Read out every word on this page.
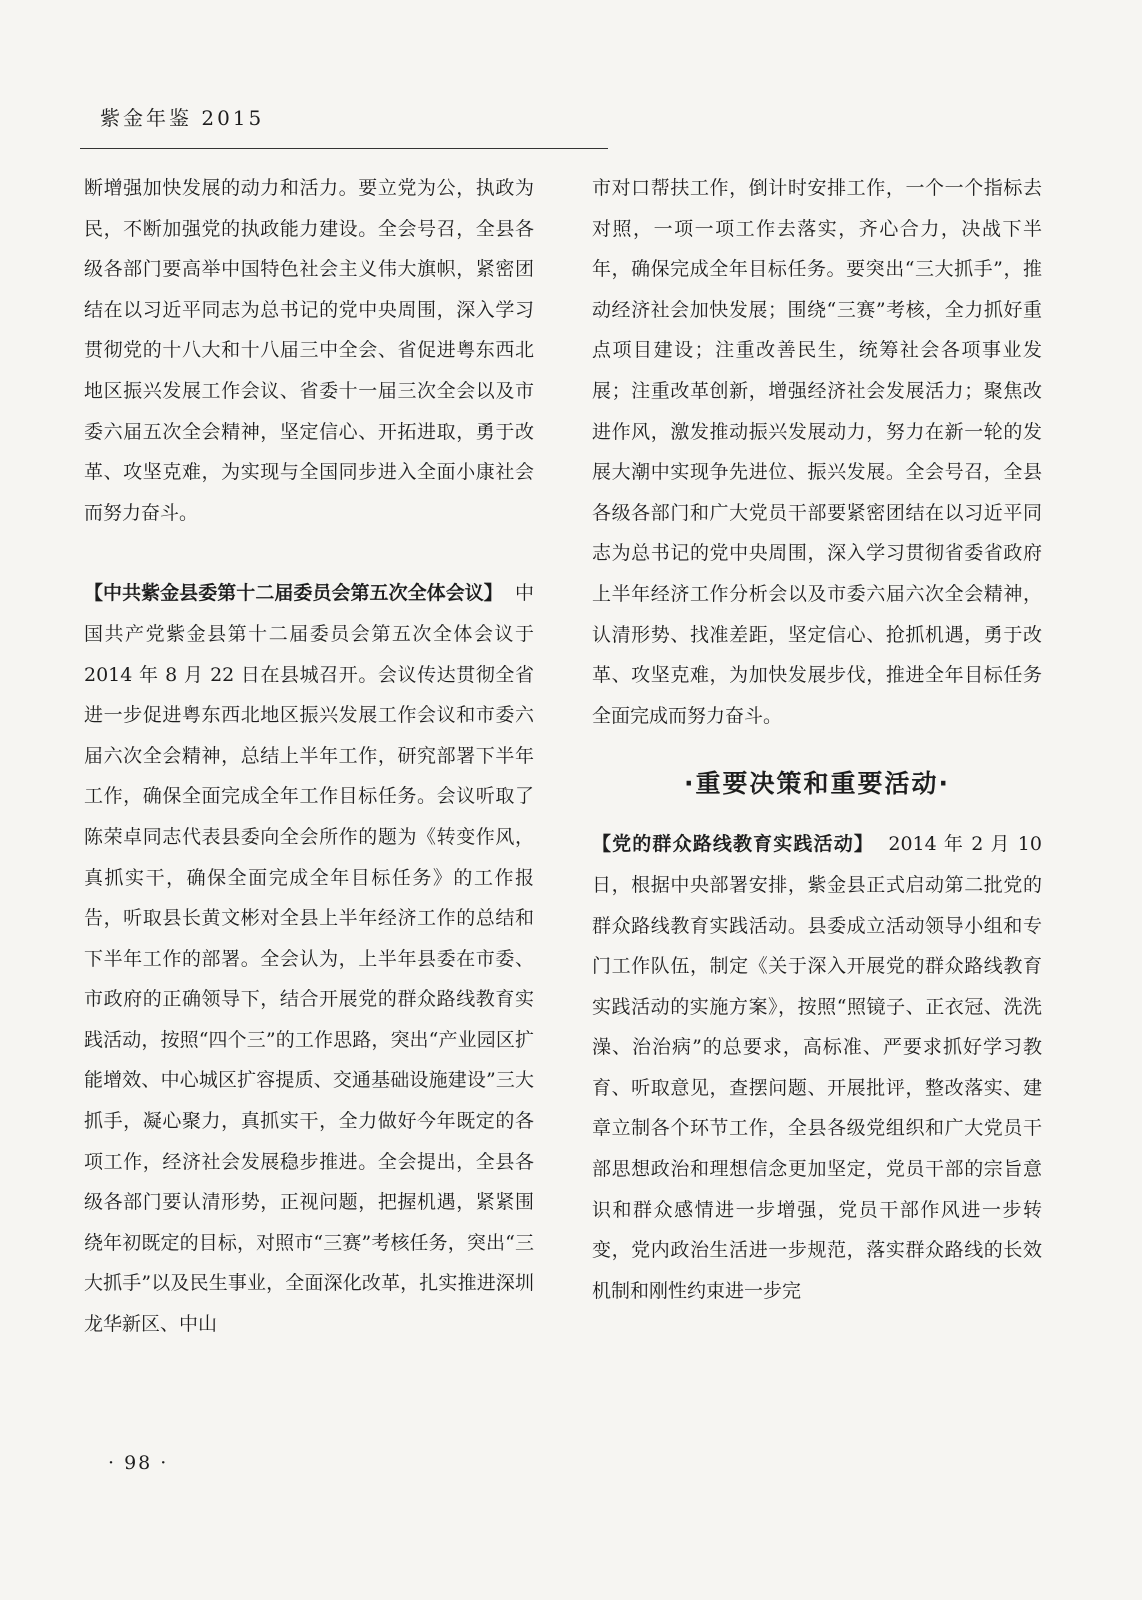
紫金年鉴 2015

断增强加快发展的动力和活力。要立党为公，执政为民，不断加强党的执政能力建设。全会号召，全县各级各部门要高举中国特色社会主义伟大旗帜，紧密团结在以习近平同志为总书记的党中央周围，深入学习贯彻党的十八大和十八届三中全会、省促进粤东西北地区振兴发展工作会议、省委十一届三次全会以及市委六届五次全会精神，坚定信心、开拓进取，勇于改革、攻坚克难，为实现与全国同步进入全面小康社会而努力奋斗。

【中共紫金县委第十二届委员会第五次全体会议】 中国共产党紫金县第十二届委员会第五次全体会议于 2014 年 8 月 22 日在县城召开。会议传达贯彻全省进一步促进粤东西北地区振兴发展工作会议和市委六届六次全会精神，总结上半年工作，研究部署下半年工作，确保全面完成全年工作目标任务。会议听取了陈荣卓同志代表县委向全会所作的题为《转变作风，真抓实干，确保全面完成全年目标任务》的工作报告，听取县长黄文彬对全县上半年经济工作的总结和下半年工作的部署。全会认为，上半年县委在市委、市政府的正确领导下，结合开展党的群众路线教育实践活动，按照“四个三”的工作思路，突出“产业园区扩能增效、中心城区扩容提质、交通基础设施建设”三大抓手，凝心聚力，真抓实干，全力做好今年既定的各项工作，经济社会发展稳步推进。全会提出，全县各级各部门要认清形势，正视问题，把握机遇，紧紧围绕年初既定的目标，对照市“三赛”考核任务，突出“三大抓手”以及民生事业，全面深化改革，扎实推进深圳龙华新区、中山

市对口帮扶工作，倒计时安排工作，一个一个指标去对照，一项一项工作去落实，齐心合力，决战下半年，确保完成全年目标任务。要突出“三大抓手”，推动经济社会加快发展；围绕“三赛”考核，全力抓好重点项目建设；注重改善民生，统筹社会各项事业发展；注重改革创新，增强经济社会发展活力；聚焦改进作风，激发推动振兴发展动力，努力在新一轮的发展大潮中实现争先进位、振兴发展。全会号召，全县各级各部门和广大党员干部要紧密团结在以习近平同志为总书记的党中央周围，深入学习贯彻省委省政府上半年经济工作分析会以及市委六届六次全会精神，认清形势、找准差距，坚定信心、抢抓机遇，勇于改革、攻坚克难，为加快发展步伐，推进全年目标任务全面完成而努力奋斗。

·重要决策和重要活动·

【党的群众路线教育实践活动】 2014 年 2 月 10 日，根据中央部署安排，紫金县正式启动第二批党的群众路线教育实践活动。县委成立活动领导小组和专门工作队伍，制定《关于深入开展党的群众路线教育实践活动的实施方案》，按照“照镜子、正衣冠、洗洗澡、治治病”的总要求，高标准、严要求抓好学习教育、听取意见，查摆问题、开展批评，整改落实、建章立制各个环节工作，全县各级党组织和广大党员干部思想政治和理想信念更加坚定，党员干部的宗旨意识和群众感情进一步增强，党员干部作风进一步转变，党内政治生活进一步规范，落实群众路线的长效机制和刚性约束进一步完

· 98 ·
